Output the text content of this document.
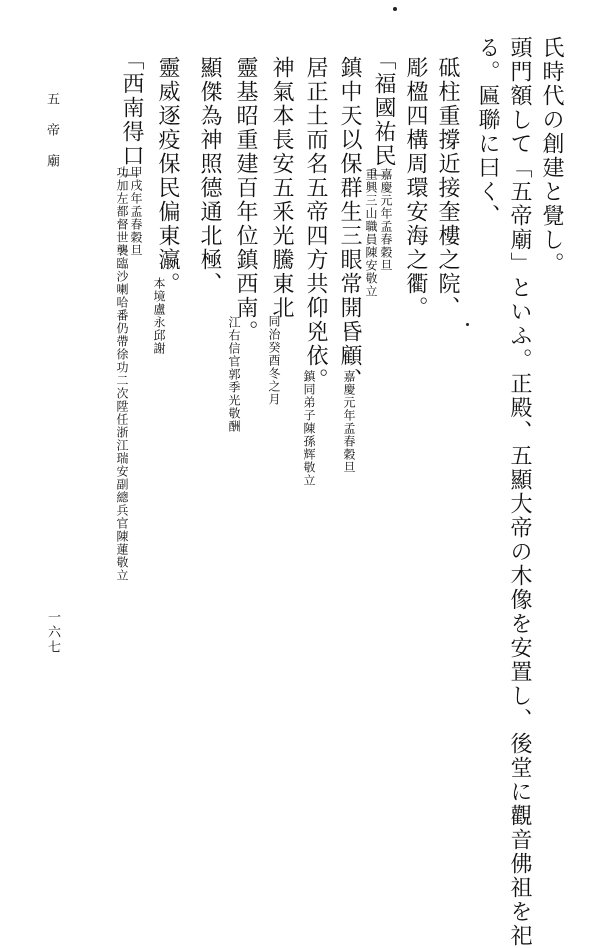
五帝廟
一六七
氏時代の創建と覺し。
頭門額して「五帝廟」といふ。正殿、五顯大帝の木像を安置し、後堂に觀音佛祖を祀
る。匾聯に曰く、
砥柱重撐近接奎樓之院、
彫楹四構周環安海之衢。
「福國祐民」
嘉慶元年孟春穀旦
重興三山職員陳安敬立
鎮中天以保群生三眼常開昏顧、
嘉慶元年孟春穀旦
居正土而名五帝四方共仰兇依。
鎮同弟子陳孫辉敬立
神氣本長安五釆光騰東北
同治癸酉冬之月
靈基昭重建百年位鎮西南。
江右信官郭季光敬酬
顯傑為神照德通北極、
靈威逐疫保民偏東瀛。
本境盧永邱謝
「西南得口」
甲戌年孟春穀旦
功加左都督世襲臨沙喇哈番仍帶徐功二次陞任浙江瑞安副總兵官陳蓮敬立
